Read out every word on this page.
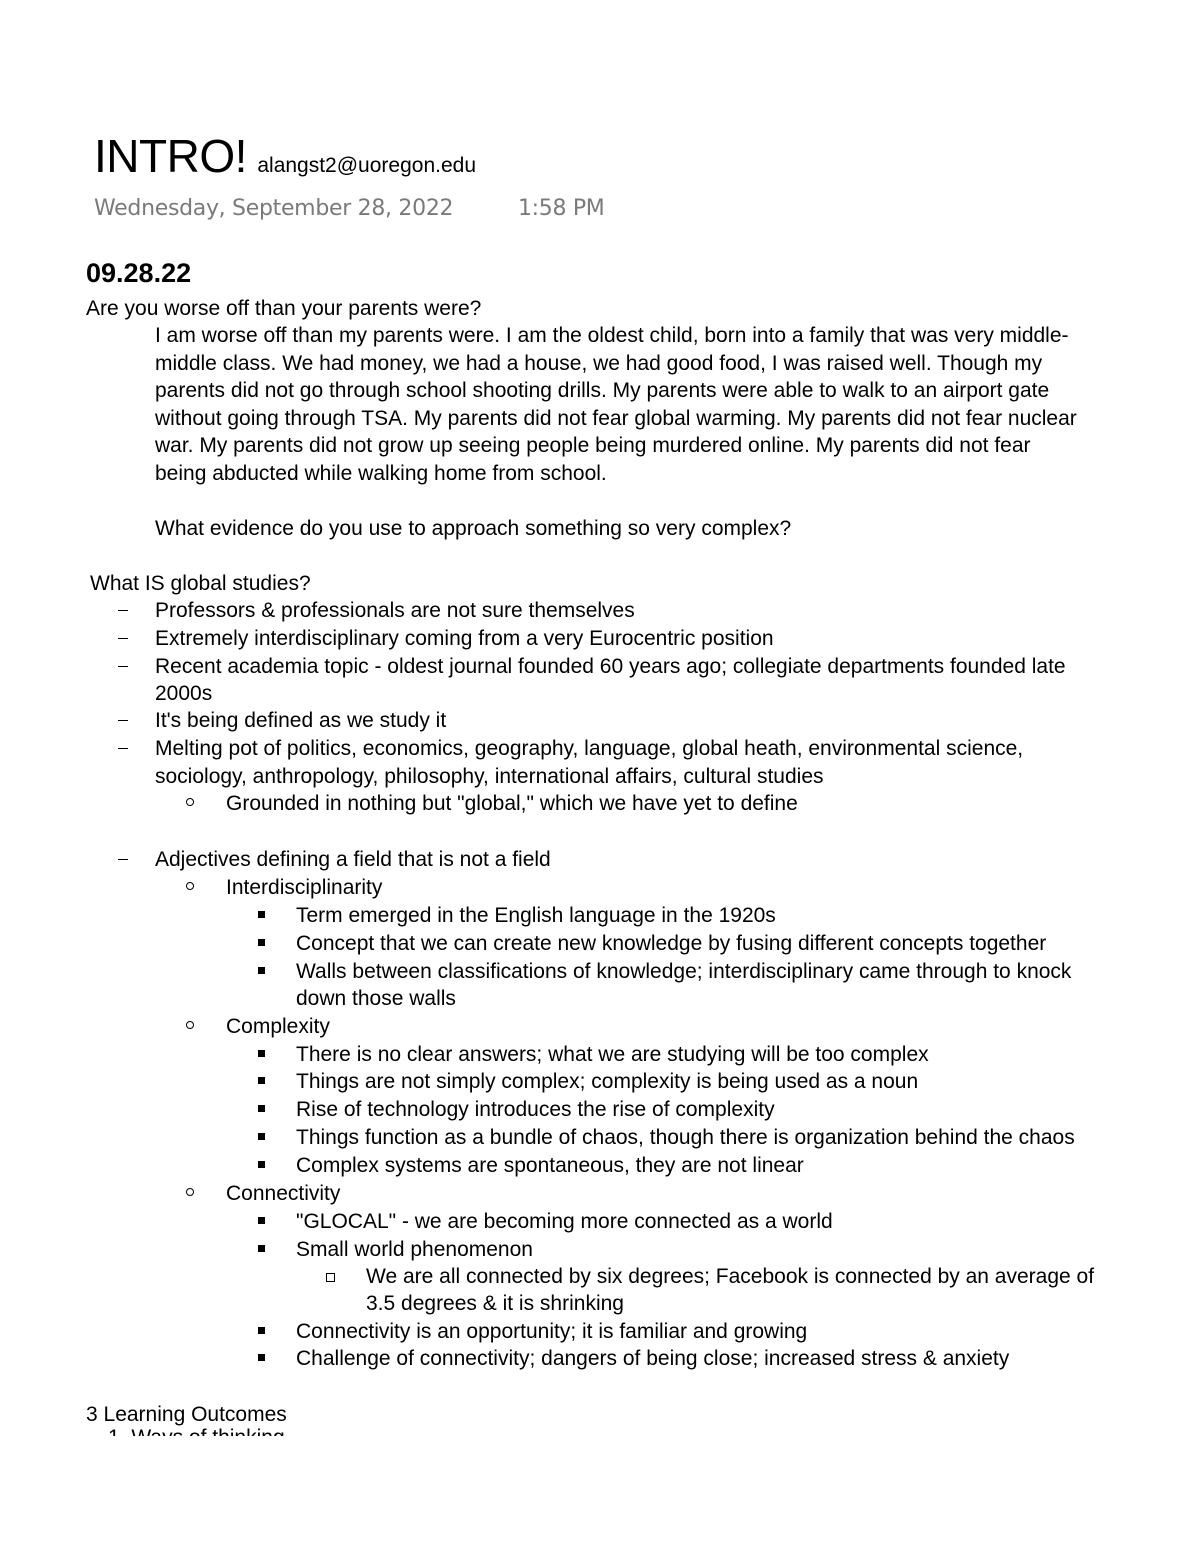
INTRO! alangst2@uoregon.edu
Wednesday, September 28, 2022	1:58 PM
09.28.22
Are you worse off than your parents were?
I am worse off than my parents were. I am the oldest child, born into a family that was very middle-
middle class. We had money, we had a house, we had good food, I was raised well. Though my
parents did not go through school shooting drills. My parents were able to walk to an airport gate
without going through TSA. My parents did not fear global warming. My parents did not fear nuclear
war. My parents did not grow up seeing people being murdered online. My parents did not fear
being abducted while walking home from school.
What evidence do you use to approach something so very complex?
What IS global studies?
Professors & professionals are not sure themselves
Extremely interdisciplinary coming from a very Eurocentric position
Recent academia topic - oldest journal founded 60 years ago; collegiate departments founded late
2000s
It's being defined as we study it
Melting pot of politics, economics, geography, language, global heath, environmental science,
sociology, anthropology, philosophy, international affairs, cultural studies
Grounded in nothing but "global," which we have yet to define
Adjectives defining a field that is not a field
Interdisciplinarity
Term emerged in the English language in the 1920s
Concept that we can create new knowledge by fusing different concepts together
Walls between classifications of knowledge; interdisciplinary came through to knock
down those walls
Complexity
There is no clear answers; what we are studying will be too complex
Things are not simply complex; complexity is being used as a noun
Rise of technology introduces the rise of complexity
Things function as a bundle of chaos, though there is organization behind the chaos
Complex systems are spontaneous, they are not linear
Connectivity
"GLOCAL" - we are becoming more connected as a world
Small world phenomenon
We are all connected by six degrees; Facebook is connected by an average of
3.5 degrees & it is shrinking
Connectivity is an opportunity; it is familiar and growing
Challenge of connectivity; dangers of being close; increased stress & anxiety
3 Learning Outcomes
